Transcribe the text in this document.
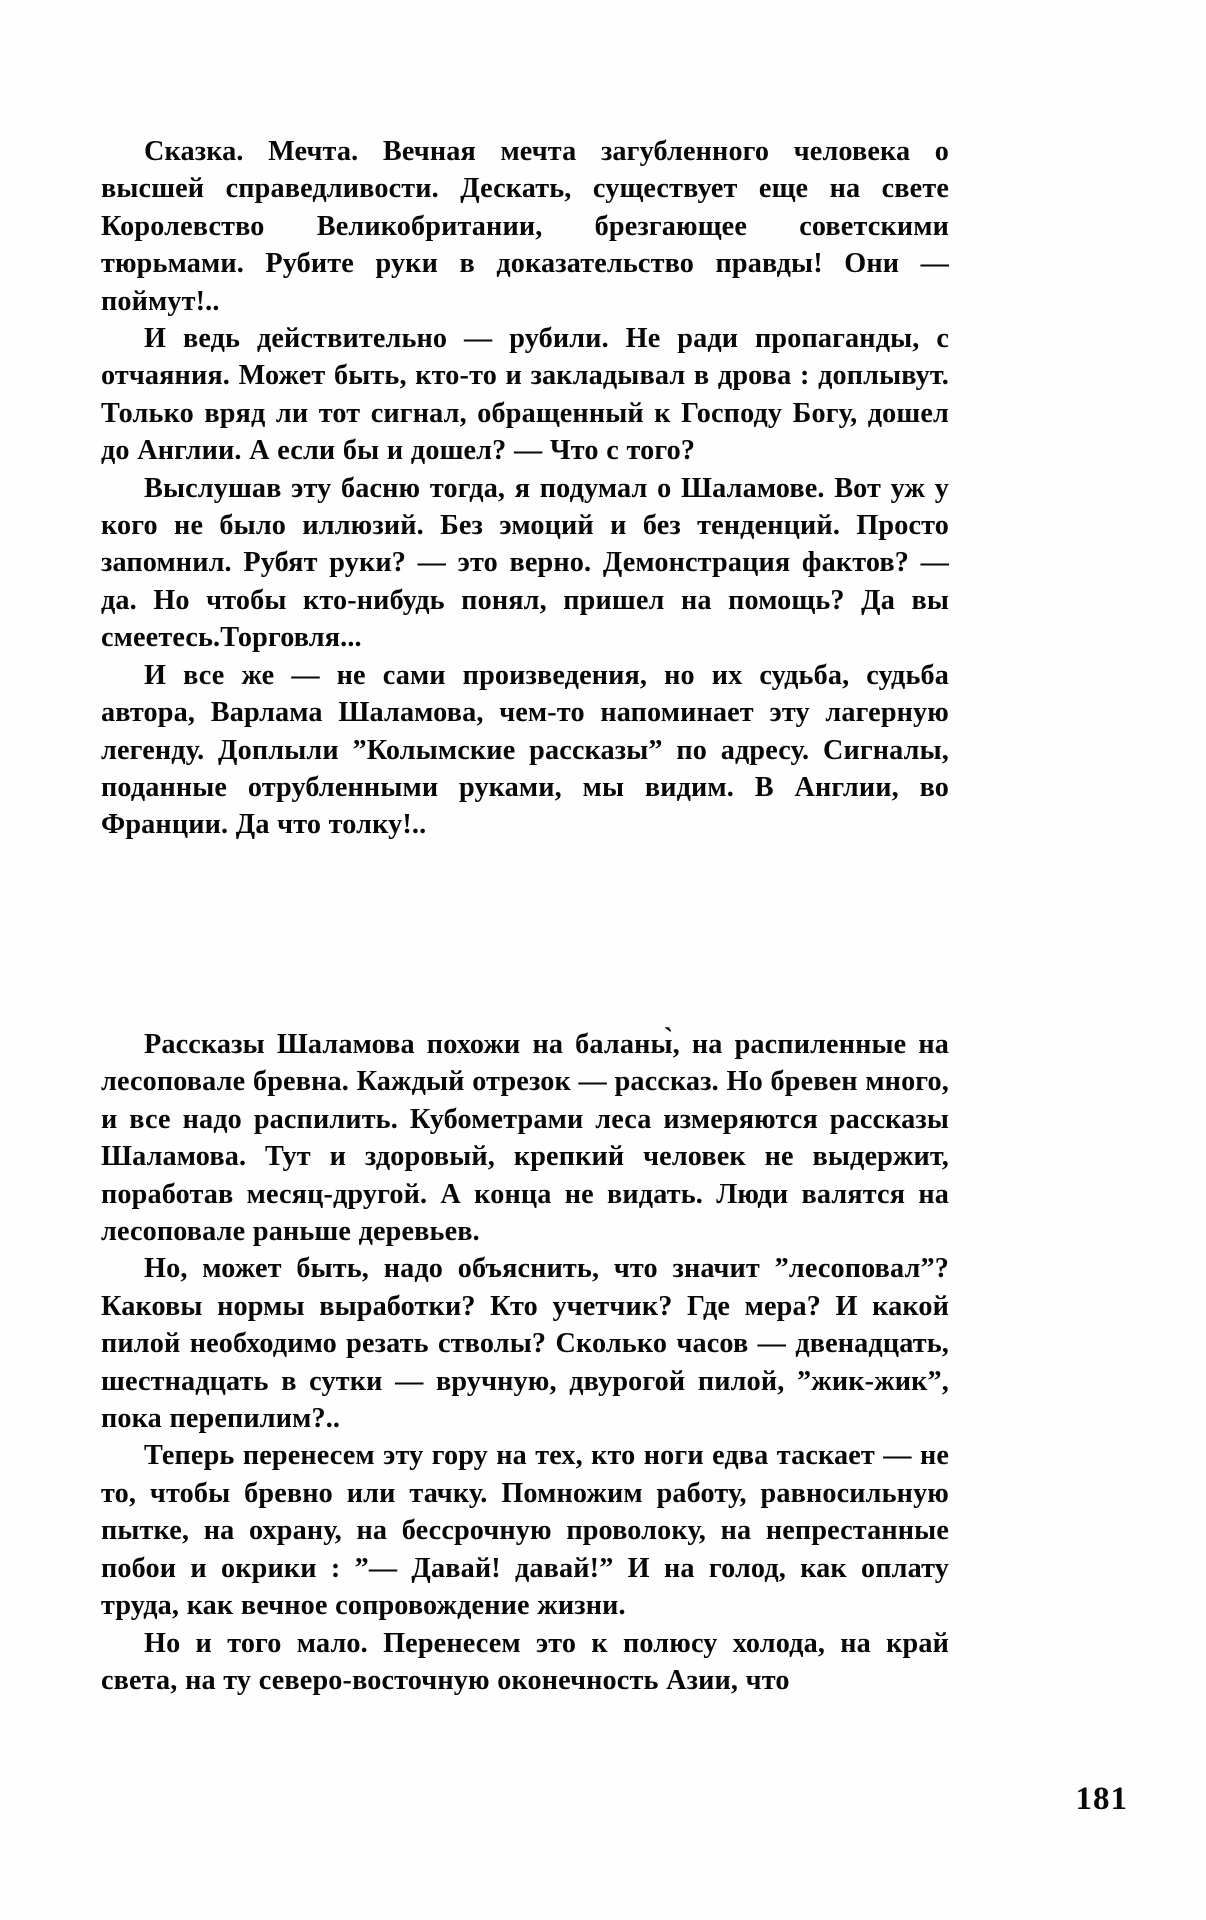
Сказка. Мечта. Вечная мечта загубленного человека о высшей справедливости. Дескать, существует еще на свете Королевство Великобритании, брезгающее советскими тюрьмами. Рубите руки в доказательство правды! Они — поймут!..

И ведь действительно — рубили. Не ради пропаганды, с отчаяния. Может быть, кто-то и закладывал в дрова : доплывут. Только вряд ли тот сигнал, обращенный к Господу Богу, дошел до Англии. А если бы и дошел? — Что с того?

Выслушав эту басню тогда, я подумал о Шаламове. Вот уж у кого не было иллюзий. Без эмоций и без тенденций. Просто запомнил. Рубят руки? — это верно. Демонстрация фактов? — да. Но чтобы кто-нибудь понял, пришел на помощь? Да вы смеетесь.Торговля...

И все же — не сами произведения, но их судьба, судьба автора, Варлама Шаламова, чем-то напоминает эту лагерную легенду. Доплыли ”Колымские рассказы” по адресу. Сигналы, поданные отрубленными руками, мы видим. В Англии, во Франции. Да что толку!..

Рассказы Шаламова похожи на баланы̀, на распиленные на лесоповале бревна. Каждый отрезок — рассказ. Но бревен много, и все надо распилить. Кубометрами леса измеряются рассказы Шаламова. Тут и здоровый, крепкий человек не выдержит, поработав месяц-другой. А конца не видать. Люди валятся на лесоповале раньше деревьев.

Но, может быть, надо объяснить, что значит ”лесоповал”? Каковы нормы выработки? Кто учетчик? Где мера? И какой пилой необходимо резать стволы? Сколько часов — двенадцать, шестнадцать в сутки — вручную, двурогой пилой, ”жик-жик”, пока перепилим?..

Теперь перенесем эту гору на тех, кто ноги едва таскает — не то, чтобы бревно или тачку. Помножим работу, равносильную пытке, на охрану, на бессрочную проволоку, на непрестанные побои и окрики : ”— Давай! давай!” И на голод, как оплату труда, как вечное сопровождение жизни.

Но и того мало. Перенесем это к полюсу холода, на край света, на ту северо-восточную оконечность Азии, что

181
